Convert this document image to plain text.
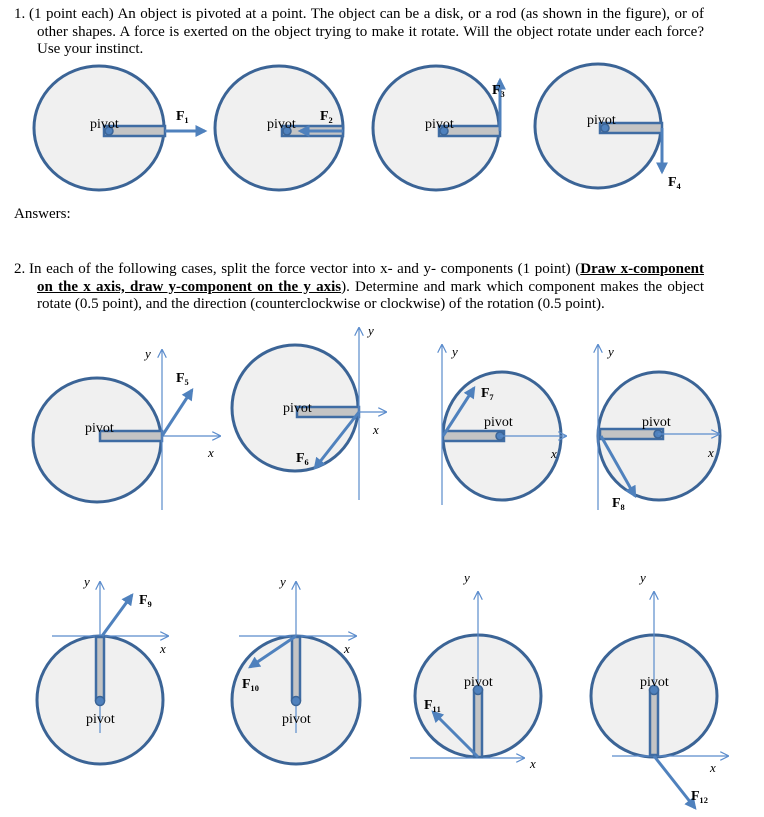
1. (1 point each) An object is pivoted at a point. The object can be a disk, or a rod (as shown in the figure), or of other shapes. A force is exerted on the object trying to make it rotate. Will the object rotate under each force? Use your instinct.
Answers:
2. In each of the following cases, split the force vector into x- and y- components (1 point) (Draw x-component on the x axis, draw y-component on the y axis). Determine and mark which component makes the object rotate (0.5 point), and the direction (counterclockwise or clockwise) of the rotation (0.5 point).
pivot
F₁
pivot
F₂
pivot
F₃
pivot
F₄
y
x
pivot
F₅
y
x
pivot
F₆
y
x
pivot
F₇
y
x
pivot
F₈
y
x
pivot
F₉
y
x
pivot
F₁₀
y
x
pivot
F₁₁
y
x
pivot
F₁₂
